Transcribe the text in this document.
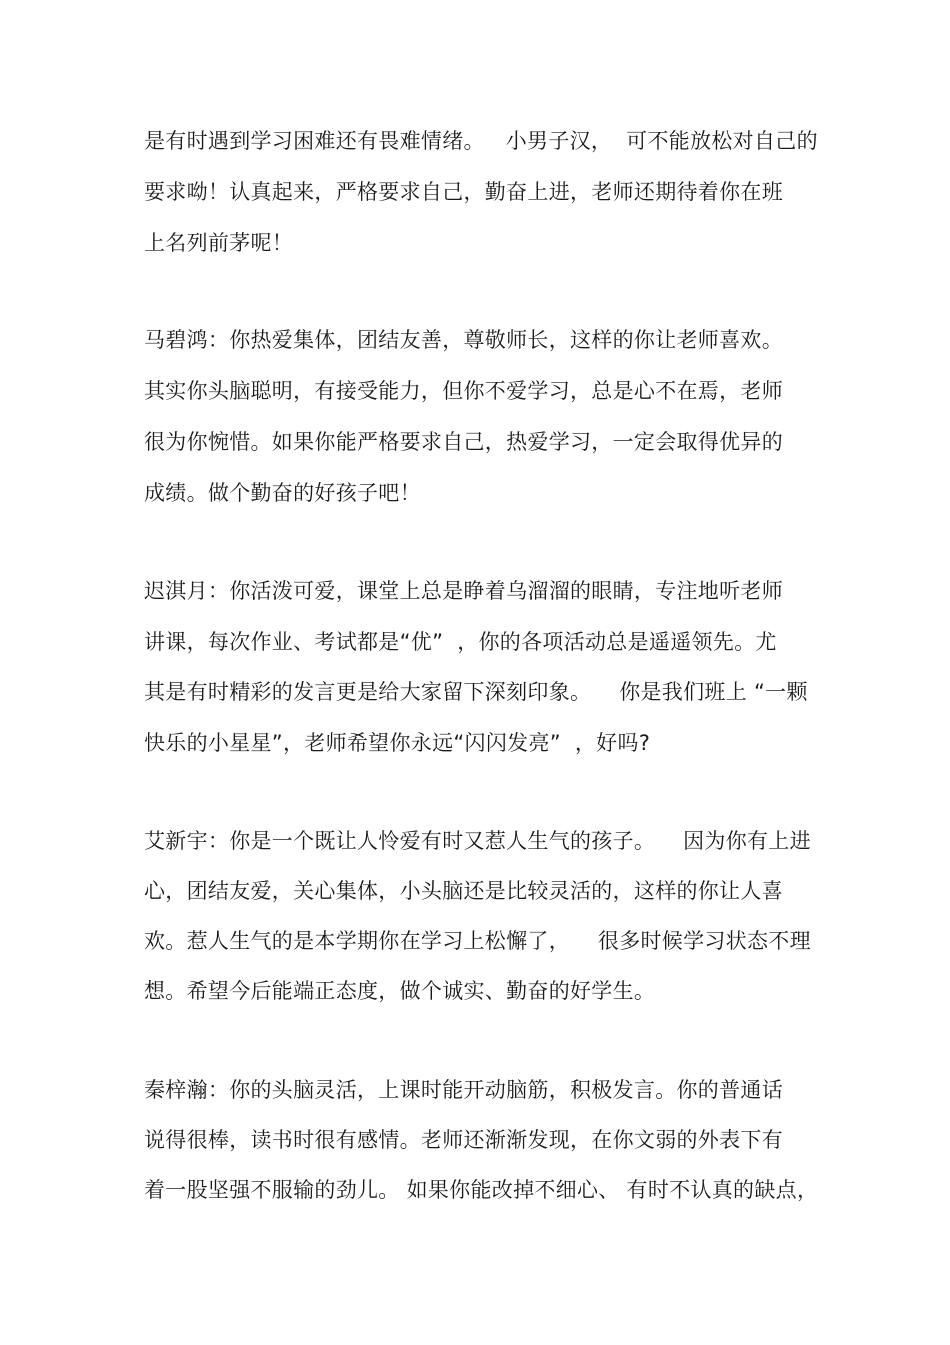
是有时遇到学习困难还有畏难情绪。   小男子汉，  可不能放松对自己的
要求呦！认真起来，严格要求自己，勤奋上进，老师还期待着你在班
上名列前茅呢！
马碧鸿：你热爱集体，团结友善，尊敬师长，这样的你让老师喜欢。
其实你头脑聪明，有接受能力，但你不爱学习，总是心不在焉，老师
很为你惋惜。如果你能严格要求自己，热爱学习，一定会取得优异的
成绩。做个勤奋的好孩子吧！
迟淇月：你活泼可爱，课堂上总是睁着乌溜溜的眼睛，专注地听老师
讲课，每次作业、考试都是“优”  ，你的各项活动总是遥遥领先。尤
其是有时精彩的发言更是给大家留下深刻印象。    你是我们班上 “一颗
快乐的小星星”，老师希望你永远“闪闪发亮”  ，好吗?
艾新宇：你是一个既让人怜爱有时又惹人生气的孩子。    因为你有上进
心，团结友爱，关心集体，小头脑还是比较灵活的，这样的你让人喜
欢。惹人生气的是本学期你在学习上松懈了，    很多时候学习状态不理
想。希望今后能端正态度，做个诚实、勤奋的好学生。
秦梓瀚：你的头脑灵活，上课时能开动脑筋，积极发言。你的普通话
说得很棒，读书时很有感情。老师还渐渐发现，在你文弱的外表下有
着一股坚强不服输的劲儿。 如果你能改掉不细心、 有时不认真的缺点，
